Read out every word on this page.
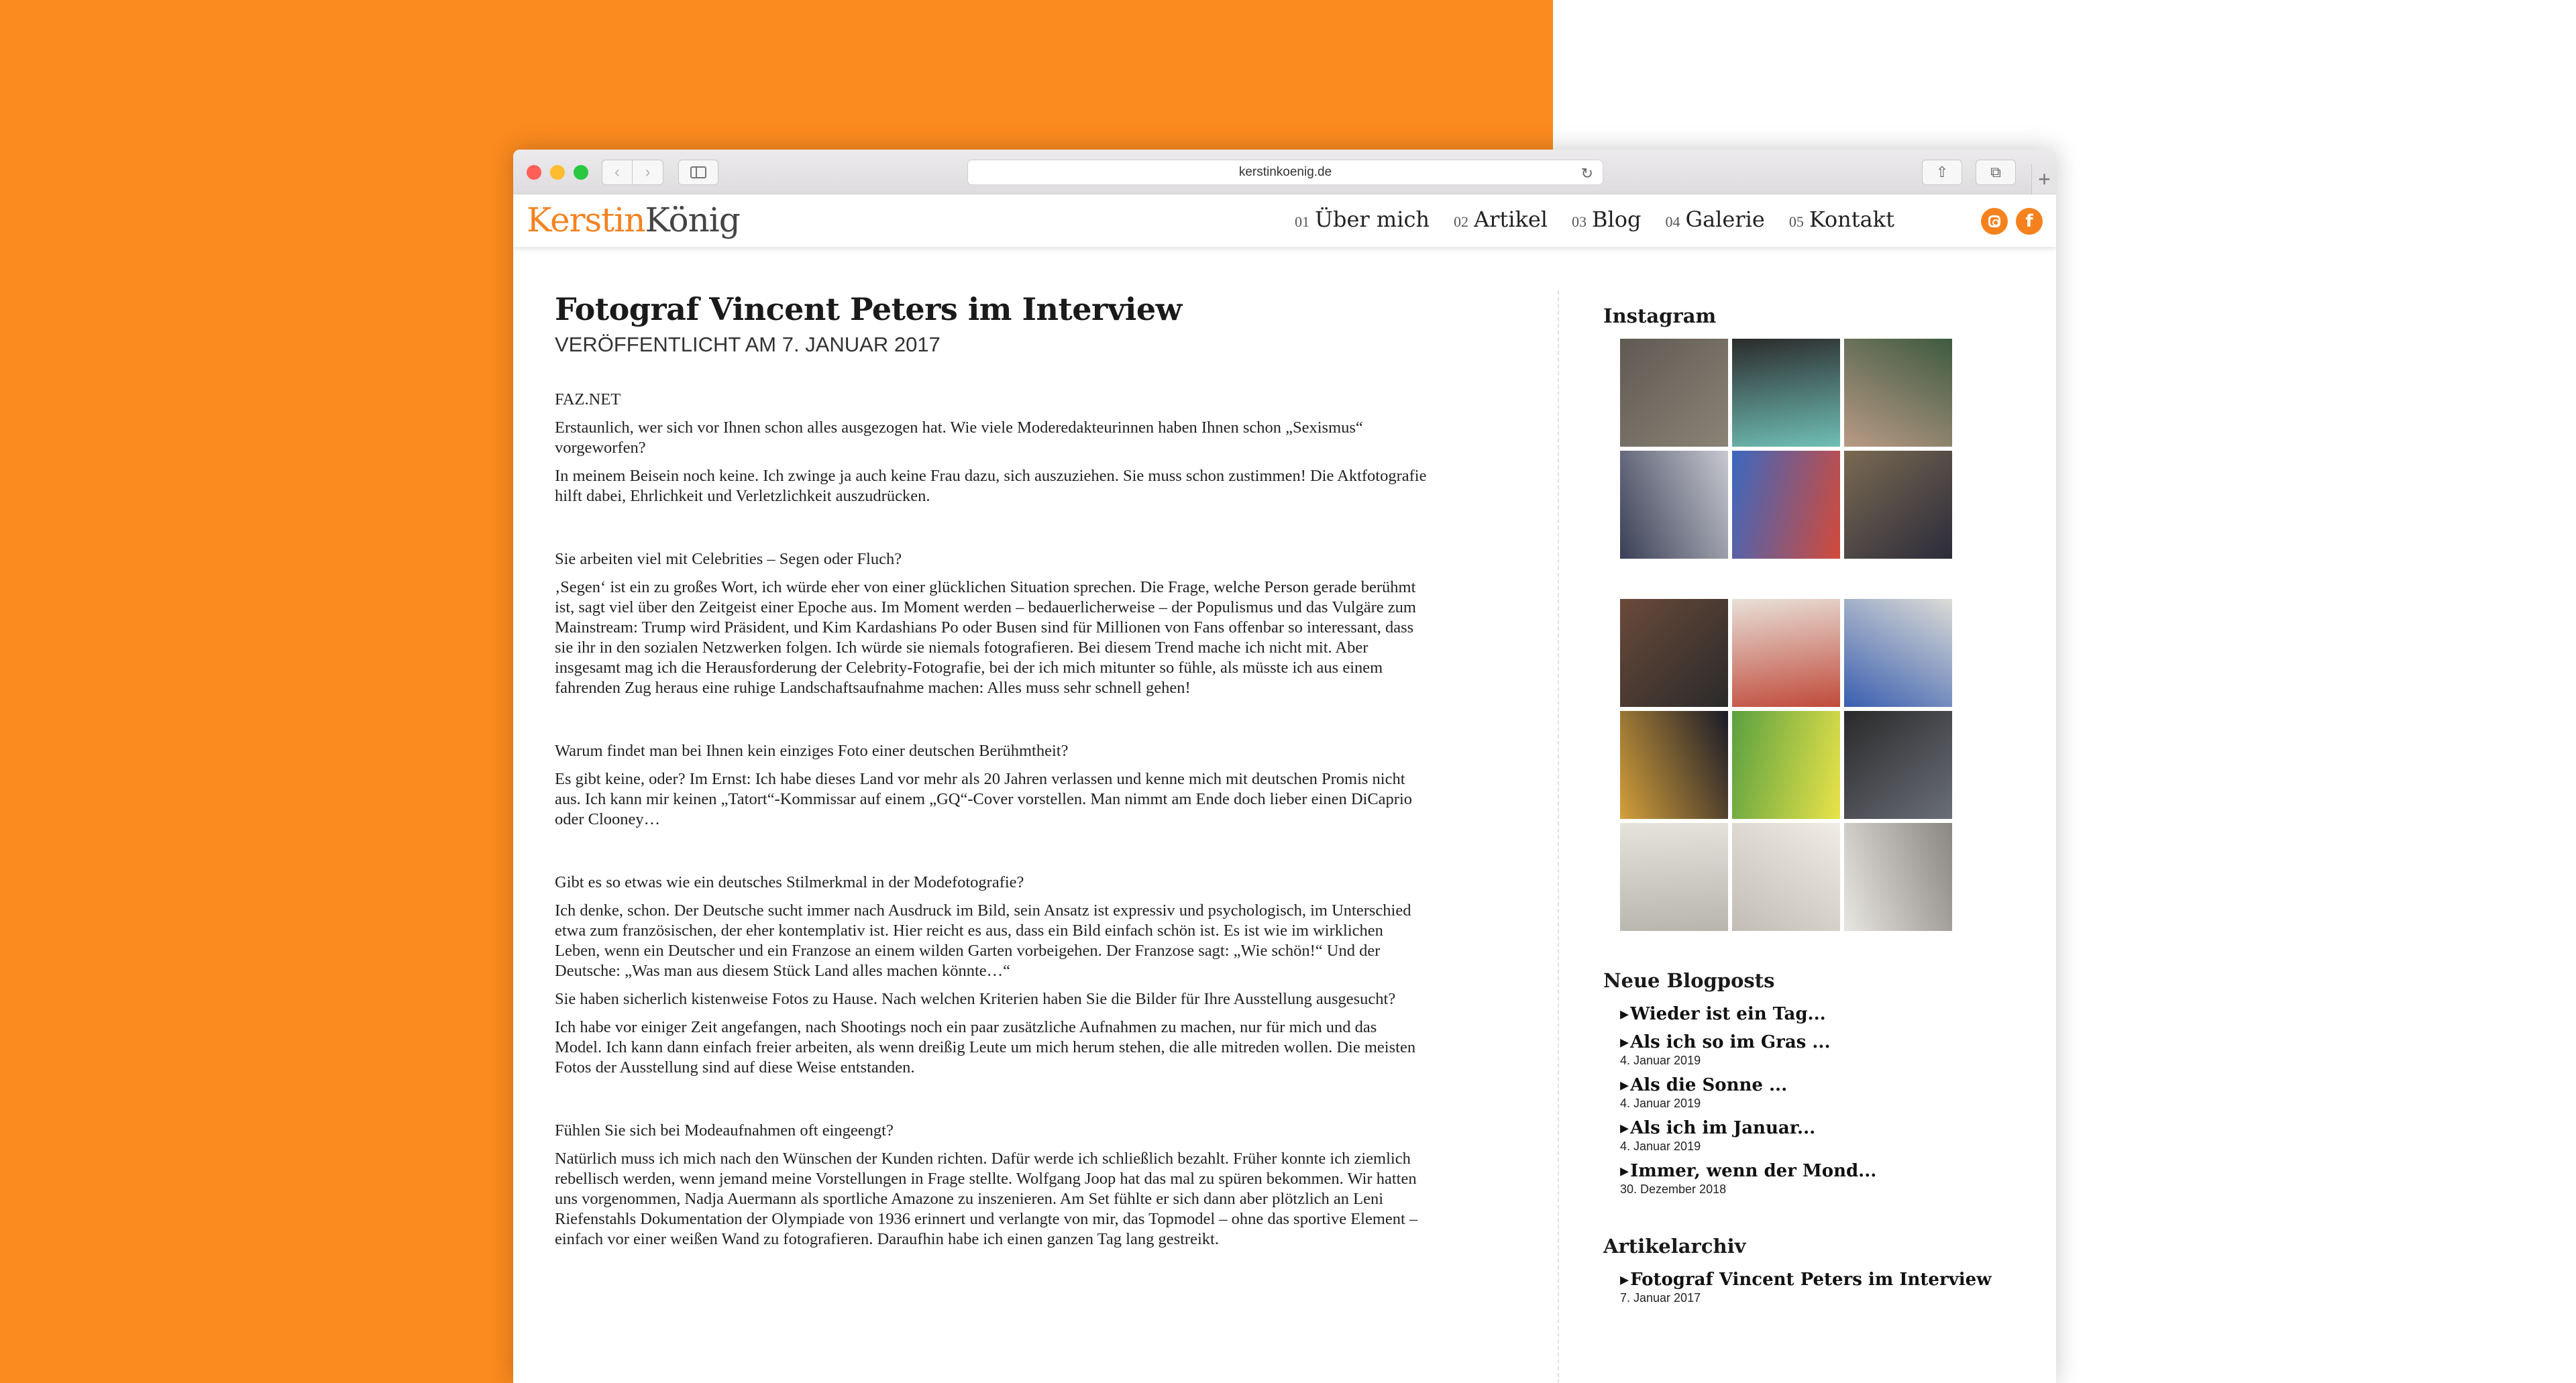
‹ ›	kerstinkoenig.de	↻	⇧	⧉ +
KerstinKönig	01 Über mich 02 Artikel 03 Blog 04 Galerie 05 Kontakt	f
Fotograf Vincent Peters im Interview
VERÖFFENTLICHT AM 7. JANUAR 2017

FAZ.NET

Erstaunlich, wer sich vor Ihnen schon alles ausgezogen hat. Wie viele Moderedakteurinnen haben Ihnen schon „Sexismus“ vorgeworfen?

In meinem Beisein noch keine. Ich zwinge ja auch keine Frau dazu, sich auszuziehen. Sie muss schon zustimmen! Die Aktfotografie hilft dabei, Ehrlichkeit und Verletzlichkeit auszudrücken.

Sie arbeiten viel mit Celebrities – Segen oder Fluch?

‚Segen‘ ist ein zu großes Wort, ich würde eher von einer glücklichen Situation sprechen. Die Frage, welche Person gerade berühmt ist, sagt viel über den Zeitgeist einer Epoche aus. Im Moment werden – bedauerlicherweise – der Populismus und das Vulgäre zum Mainstream: Trump wird Präsident, und Kim Kardashians Po oder Busen sind für Millionen von Fans offenbar so interessant, dass sie ihr in den sozialen Netzwerken folgen. Ich würde sie niemals fotografieren. Bei diesem Trend mache ich nicht mit. Aber insgesamt mag ich die Herausforderung der Celebrity-Fotografie, bei der ich mich mitunter so fühle, als müsste ich aus einem fahrenden Zug heraus eine ruhige Landschaftsaufnahme machen: Alles muss sehr schnell gehen!

Warum findet man bei Ihnen kein einziges Foto einer deutschen Berühmtheit?

Es gibt keine, oder? Im Ernst: Ich habe dieses Land vor mehr als 20 Jahren verlassen und kenne mich mit deutschen Promis nicht aus. Ich kann mir keinen „Tatort“-Kommissar auf einem „GQ“-Cover vorstellen. Man nimmt am Ende doch lieber einen DiCaprio oder Clooney…

Gibt es so etwas wie ein deutsches Stilmerkmal in der Modefotografie?

Ich denke, schon. Der Deutsche sucht immer nach Ausdruck im Bild, sein Ansatz ist expressiv und psychologisch, im Unterschied etwa zum französischen, der eher kontemplativ ist. Hier reicht es aus, dass ein Bild einfach schön ist. Es ist wie im wirklichen Leben, wenn ein Deutscher und ein Franzose an einem wilden Garten vorbeigehen. Der Franzose sagt: „Wie schön!“ Und der Deutsche: „Was man aus diesem Stück Land alles machen könnte…“

Sie haben sicherlich kistenweise Fotos zu Hause. Nach welchen Kriterien haben Sie die Bilder für Ihre Ausstellung ausgesucht?

Ich habe vor einiger Zeit angefangen, nach Shootings noch ein paar zusätzliche Aufnahmen zu machen, nur für mich und das Model. Ich kann dann einfach freier arbeiten, als wenn dreißig Leute um mich herum stehen, die alle mitreden wollen. Die meisten Fotos der Ausstellung sind auf diese Weise entstanden.

Fühlen Sie sich bei Modeaufnahmen oft eingeengt?

Natürlich muss ich mich nach den Wünschen der Kunden richten. Dafür werde ich schließlich bezahlt. Früher konnte ich ziemlich rebellisch werden, wenn jemand meine Vorstellungen in Frage stellte. Wolfgang Joop hat das mal zu spüren bekommen. Wir hatten uns vorgenommen, Nadja Auermann als sportliche Amazone zu inszenieren. Am Set fühlte er sich dann aber plötzlich an Leni Riefenstahls Dokumentation der Olympiade von 1936 erinnert und verlangte von mir, das Topmodel – ohne das sportive Element – einfach vor einer weißen Wand zu fotografieren. Daraufhin habe ich einen ganzen Tag lang gestreikt.

Instagram
Neue Blogposts
▸ Wieder ist ein Tag...
▸ Als ich so im Gras ...
4. Januar 2019
▸ Als die Sonne ...
4. Januar 2019
▸ Als ich im Januar...
4. Januar 2019
▸ Immer, wenn der Mond...
30. Dezember 2018
Artikelarchiv
▸ Fotograf Vincent Peters im Interview
7. Januar 2017
